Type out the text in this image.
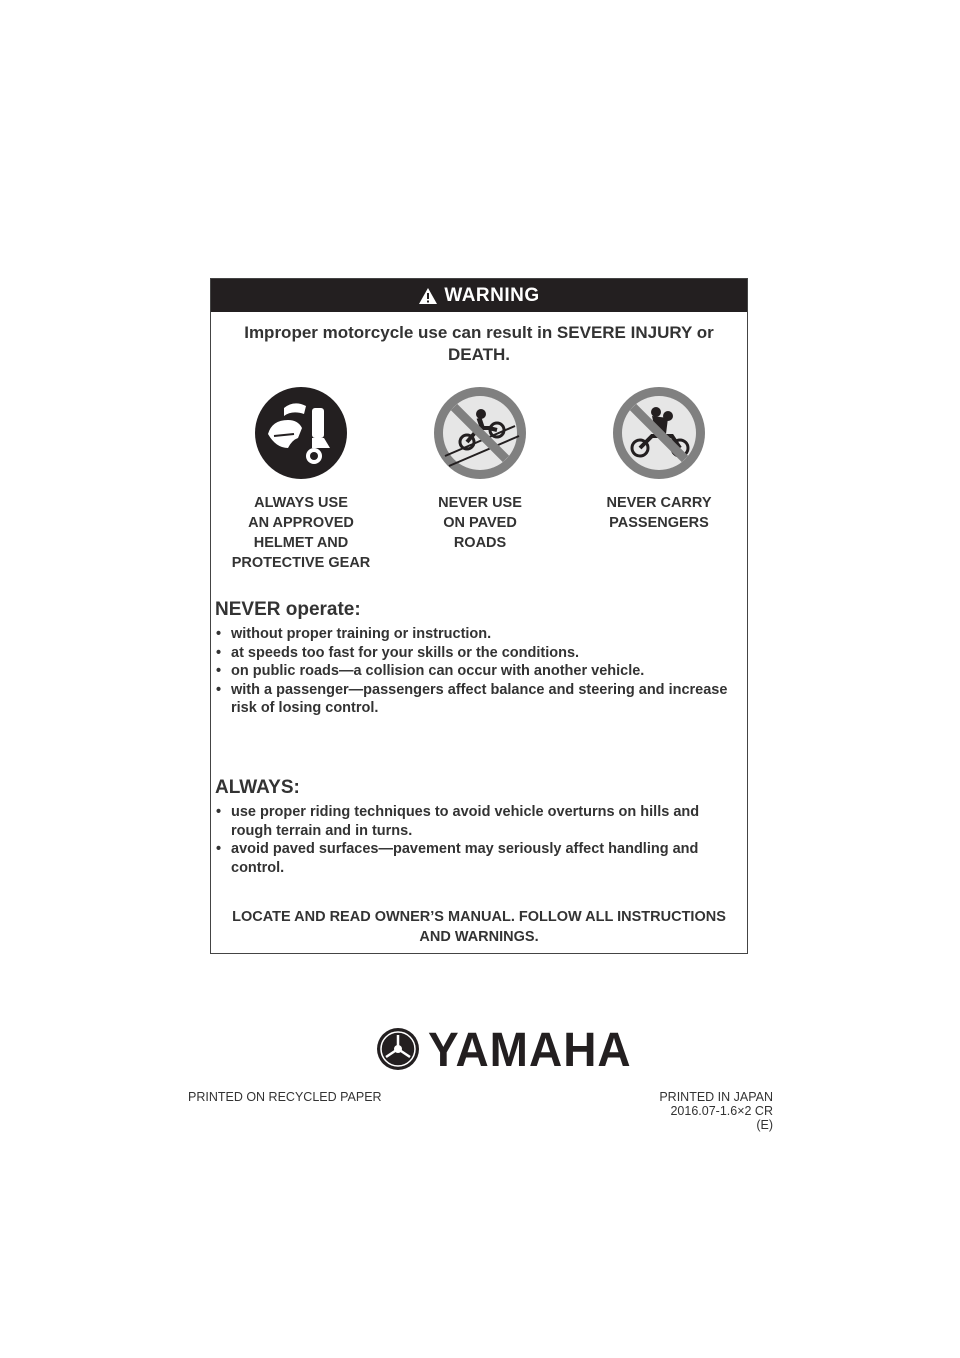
WARNING
Improper motorcycle use can result in SEVERE INJURY or DEATH.
ALWAYS USE
AN APPROVED
HELMET AND
PROTECTIVE GEAR
NEVER USE
ON PAVED
ROADS
NEVER CARRY
PASSENGERS
NEVER operate:
• without proper training or instruction.
• at speeds too fast for your skills or the conditions.
• on public roads—a collision can occur with another vehicle.
• with a passenger—passengers affect balance and steering and increase risk of losing control.
ALWAYS:
• use proper riding techniques to avoid vehicle overturns on hills and rough terrain and in turns.
• avoid paved surfaces—pavement may seriously affect handling and control.
LOCATE AND READ OWNER’S MANUAL. FOLLOW ALL INSTRUCTIONS AND WARNINGS.
YAMAHA
PRINTED ON RECYCLED PAPER	PRINTED IN JAPAN
2016.07-1.6×2 CR
(E)
